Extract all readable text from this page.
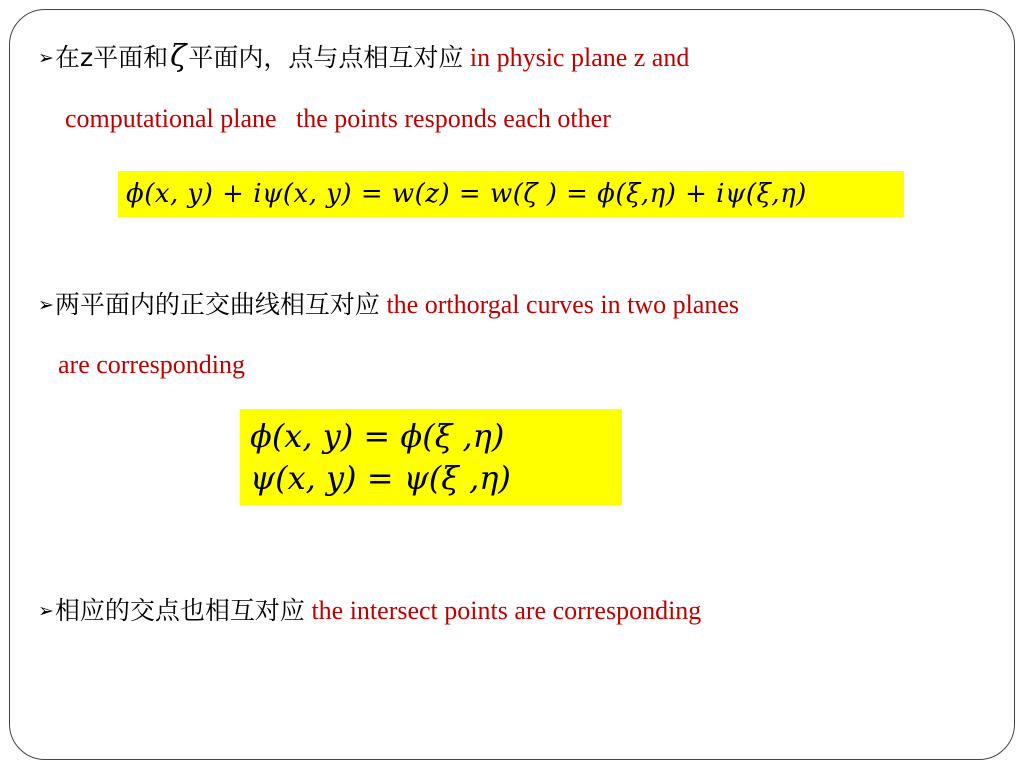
➢在z平面和ζ平面内，点与点相互对应 in physic plane z and
computational plane   the points responds each other
ϕ(x, y) + iψ(x, y) = w(z) = w(ζ ) = ϕ(ξ,η) + iψ(ξ,η)
➢两平面内的正交曲线相互对应 the orthorgal curves in two planes
are corresponding
ϕ(x, y) = ϕ(ξ ,η)
ψ(x, y) = ψ(ξ ,η)
➢相应的交点也相互对应 the intersect points are corresponding
